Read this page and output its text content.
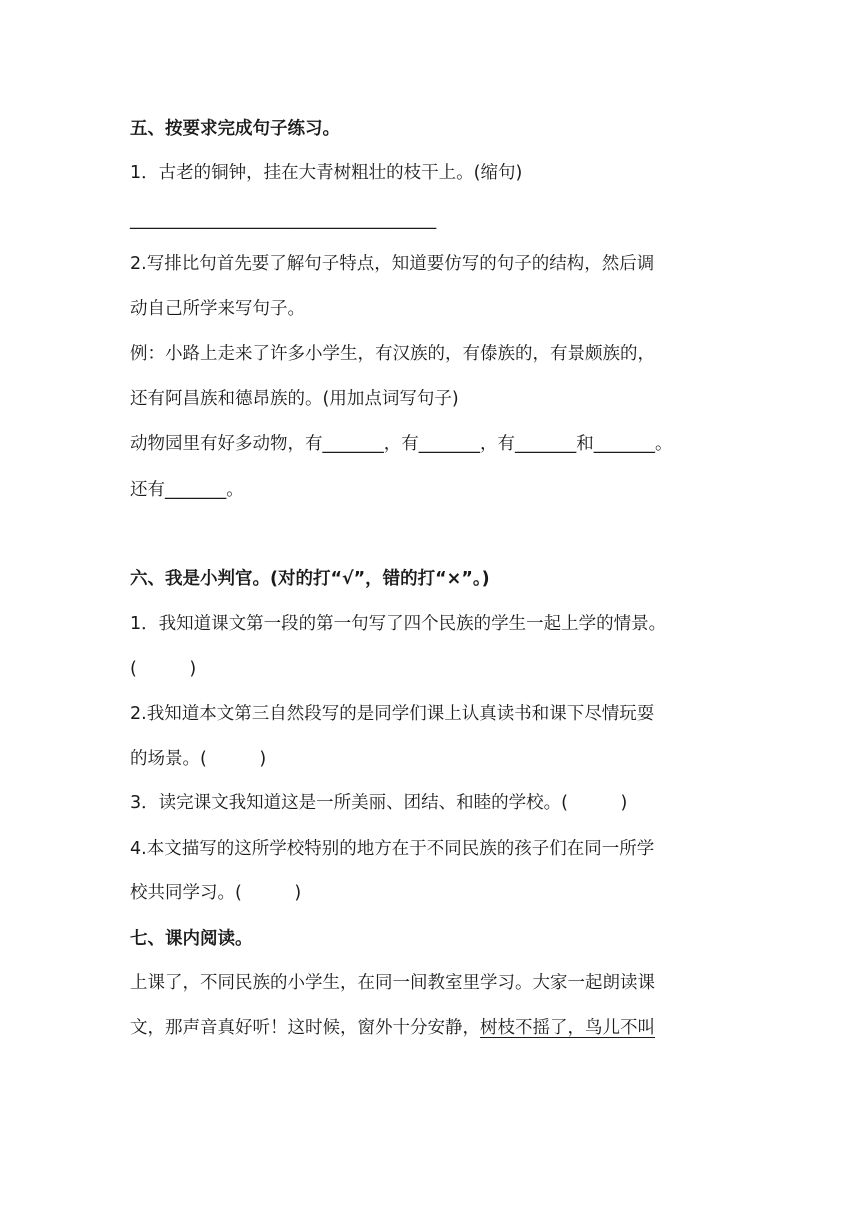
五、按要求完成句子练习。

1．古老的铜钟，挂在大青树粗壮的枝干上。(缩句)

___________________________________

2.写排比句首先要了解句子特点，知道要仿写的句子的结构，然后调

动自己所学来写句子。

例：小路上走来了许多小学生，有汉族的，有傣族的，有景颇族的，

还有阿昌族和德昂族的。(用加点词写句子)

动物园里有好多动物，有_______，有_______，有_______和_______。

还有_______。

六、我是小判官。(对的打“√”，错的打“×”。)

1．我知道课文第一段的第一句写了四个民族的学生一起上学的情景。

(　　　)

2.我知道本文第三自然段写的是同学们课上认真读书和课下尽情玩耍

的场景。(　　　)

3．读完课文我知道这是一所美丽、团结、和睦的学校。(　　　)

4.本文描写的这所学校特别的地方在于不同民族的孩子们在同一所学

校共同学习。(　　　)

七、课内阅读。

上课了，不同民族的小学生，在同一间教室里学习。大家一起朗读课

文，那声音真好听！这时候，窗外十分安静，树枝不摇了，鸟儿不叫
